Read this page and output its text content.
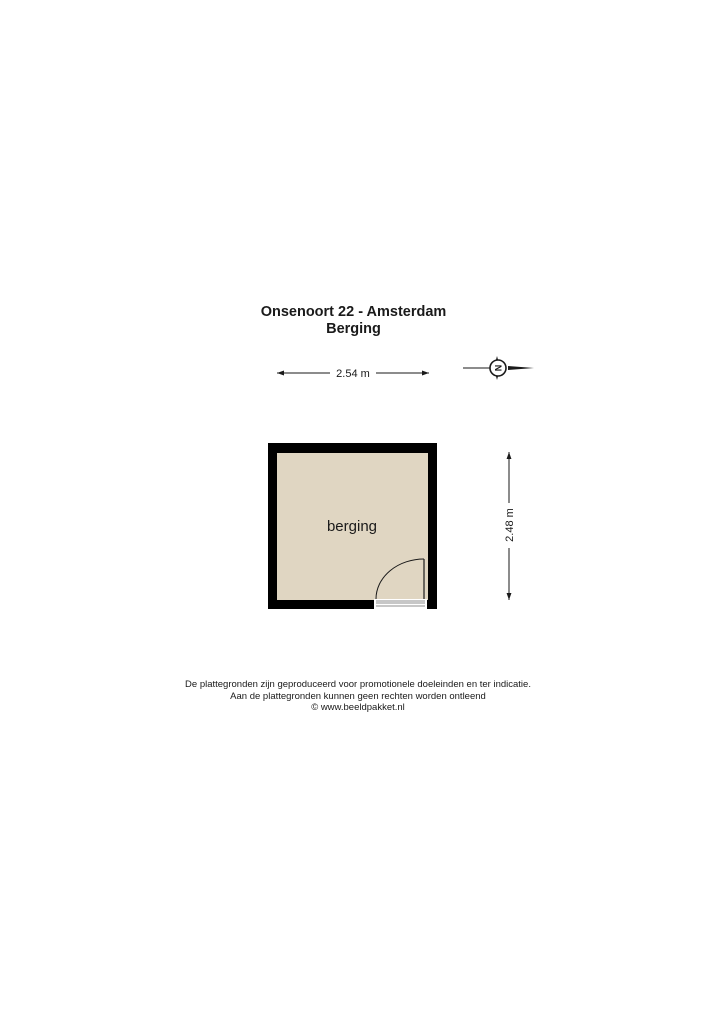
Onsenoort 22 - Amsterdam
Berging
2.54 m	N
berging	2.48 m
De plattegronden zijn geproduceerd voor promotionele doeleinden en ter indicatie.
Aan de plattegronden kunnen geen rechten worden ontleend
© www.beeldpakket.nl
